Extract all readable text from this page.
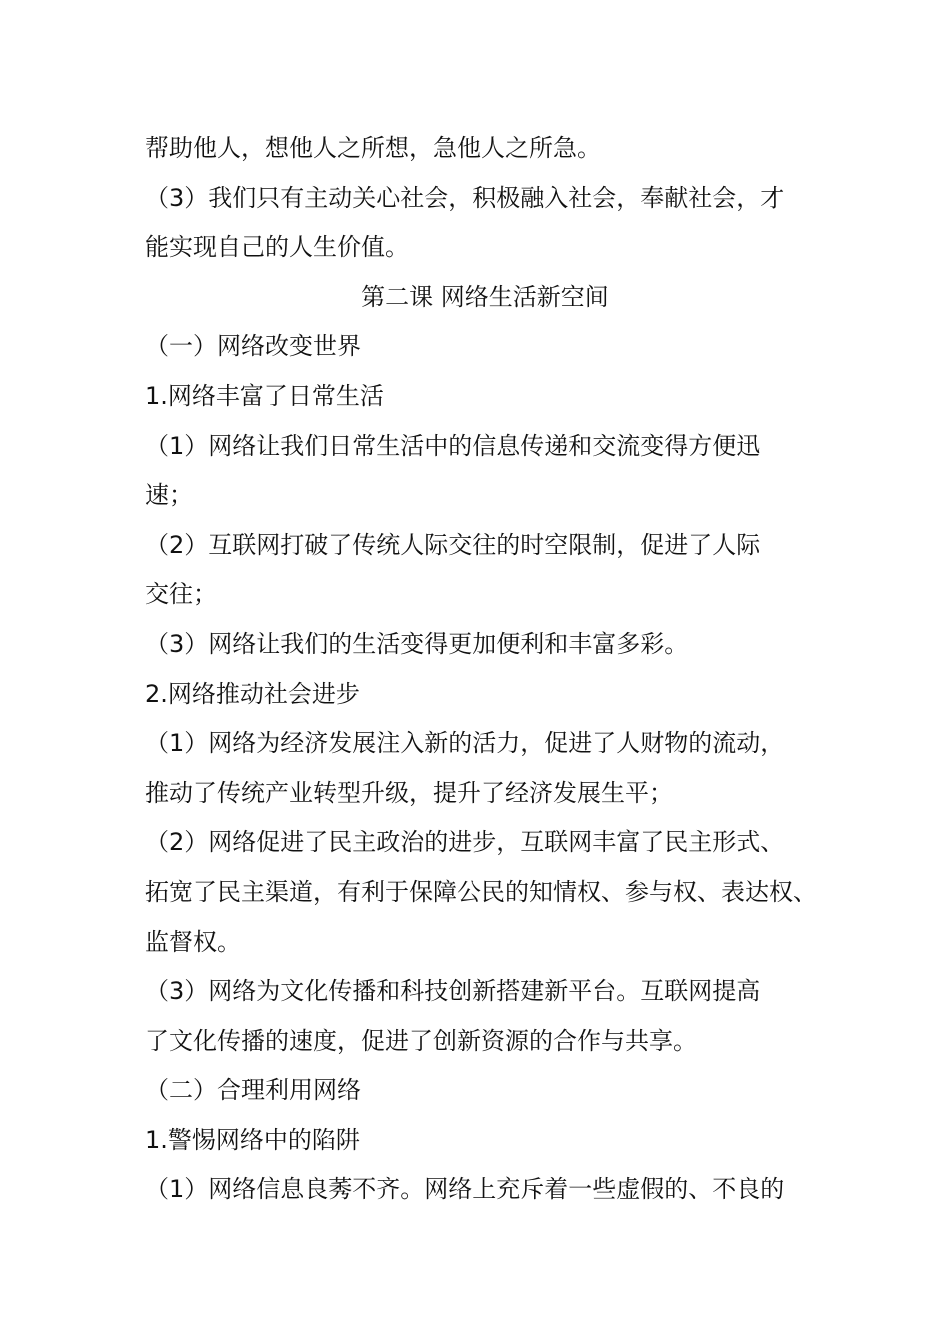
帮助他人，想他人之所想，急他人之所急。
（3）我们只有主动关心社会，积极融入社会，奉献社会，才
能实现自己的人生价值。
第二课 网络生活新空间
（一）网络改变世界
1.网络丰富了日常生活
（1）网络让我们日常生活中的信息传递和交流变得方便迅
速；
（2）互联网打破了传统人际交往的时空限制，促进了人际
交往；
（3）网络让我们的生活变得更加便利和丰富多彩。
2.网络推动社会进步
（1）网络为经济发展注入新的活力，促进了人财物的流动，
推动了传统产业转型升级，提升了经济发展生平；
（2）网络促进了民主政治的进步，互联网丰富了民主形式、
拓宽了民主渠道，有利于保障公民的知情权、参与权、表达权、
监督权。
（3）网络为文化传播和科技创新搭建新平台。互联网提高
了文化传播的速度，促进了创新资源的合作与共享。
（二）合理利用网络
1.警惕网络中的陷阱
（1）网络信息良莠不齐。网络上充斥着一些虚假的、不良的
